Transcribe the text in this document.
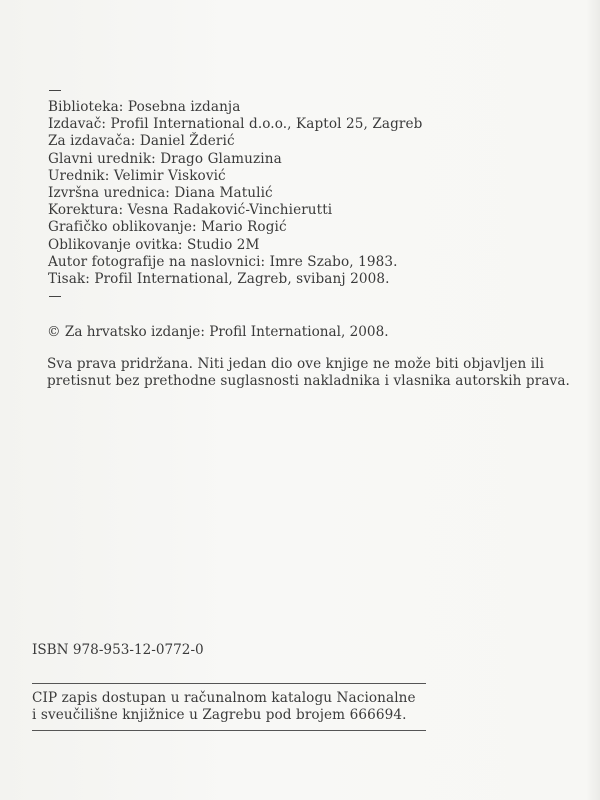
Biblioteka: Posebna izdanja
Izdavač: Profil International d.o.o., Kaptol 25, Zagreb
Za izdavača: Daniel Žderić
Glavni urednik: Drago Glamuzina
Urednik: Velimir Visković
Izvršna urednica: Diana Matulić
Korektura: Vesna Radaković-Vinchierutti
Grafičko oblikovanje: Mario Rogić
Oblikovanje ovitka: Studio 2M
Autor fotografije na naslovnici: Imre Szabo, 1983.
Tisak: Profil International, Zagreb, svibanj 2008.
© Za hrvatsko izdanje: Profil International, 2008.
Sva prava pridržana. Niti jedan dio ove knjige ne može biti objavljen ili
pretisnut bez prethodne suglasnosti nakladnika i vlasnika autorskih prava.
ISBN 978-953-12-0772-0
CIP zapis dostupan u računalnom katalogu Nacionalne
i sveučilišne knjižnice u Zagrebu pod brojem 666694.
